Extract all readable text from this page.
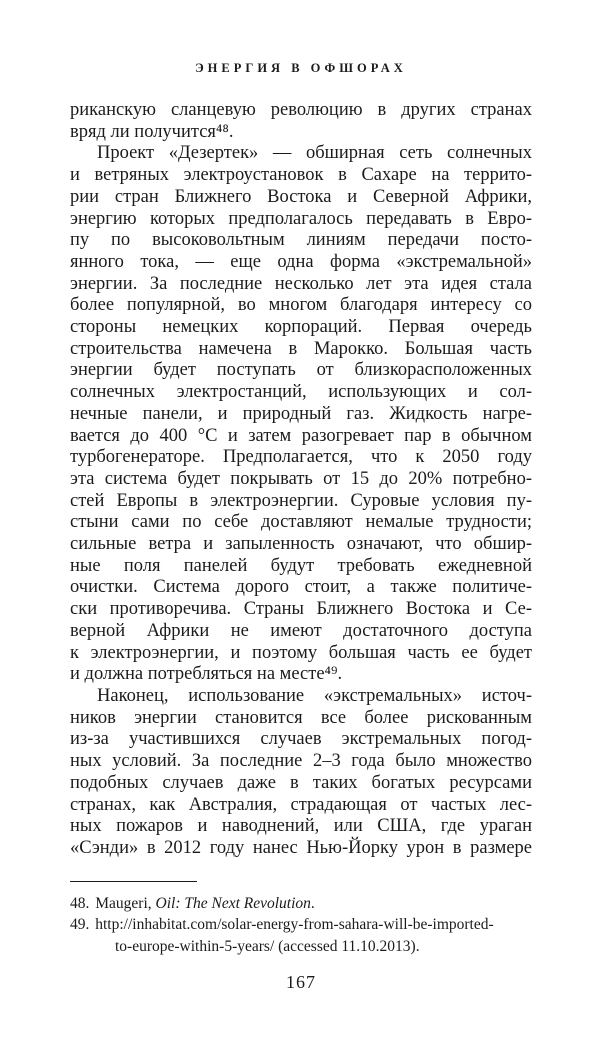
ЭНЕРГИЯ В ОФШОРАХ
риканскую сланцевую революцию в других странах
вряд ли получится⁴⁸.
Проект «Дезертек» — обширная сеть солнечных
и ветряных электроустановок в Сахаре на террито-
рии стран Ближнего Востока и Северной Африки,
энергию которых предполагалось передавать в Евро-
пу по высоковольтным линиям передачи посто-
янного тока, — еще одна форма «экстремальной»
энергии. За последние несколько лет эта идея стала
более популярной, во многом благодаря интересу со
стороны немецких корпораций. Первая очередь
строительства намечена в Марокко. Большая часть
энергии будет поступать от близкорасположенных
солнечных электростанций, использующих и сол-
нечные панели, и природный газ. Жидкость нагре-
вается до 400 °С и затем разогревает пар в обычном
турбогенераторе. Предполагается, что к 2050 году
эта система будет покрывать от 15 до 20% потребно-
стей Европы в электроэнергии. Суровые условия пу-
стыни сами по себе доставляют немалые трудности;
сильные ветра и запыленность означают, что обшир-
ные поля панелей будут требовать ежедневной
очистки. Система дорого стоит, а также политиче-
ски противоречива. Страны Ближнего Востока и Се-
верной Африки не имеют достаточного доступа
к электроэнергии, и поэтому большая часть ее будет
и должна потребляться на месте⁴⁹.
Наконец, использование «экстремальных» источ-
ников энергии становится все более рискованным
из-за участившихся случаев экстремальных погод-
ных условий. За последние 2–3 года было множество
подобных случаев даже в таких богатых ресурсами
странах, как Австралия, страдающая от частых лес-
ных пожаров и наводнений, или США, где ураган
«Сэнди» в 2012 году нанес Нью-Йорку урон в размере
48. Maugeri, Oil: The Next Revolution.
49. http://inhabitat.com/solar-energy-from-sahara-will-be-imported-
to-europe-within-5-years/ (accessed 11.10.2013).
167
